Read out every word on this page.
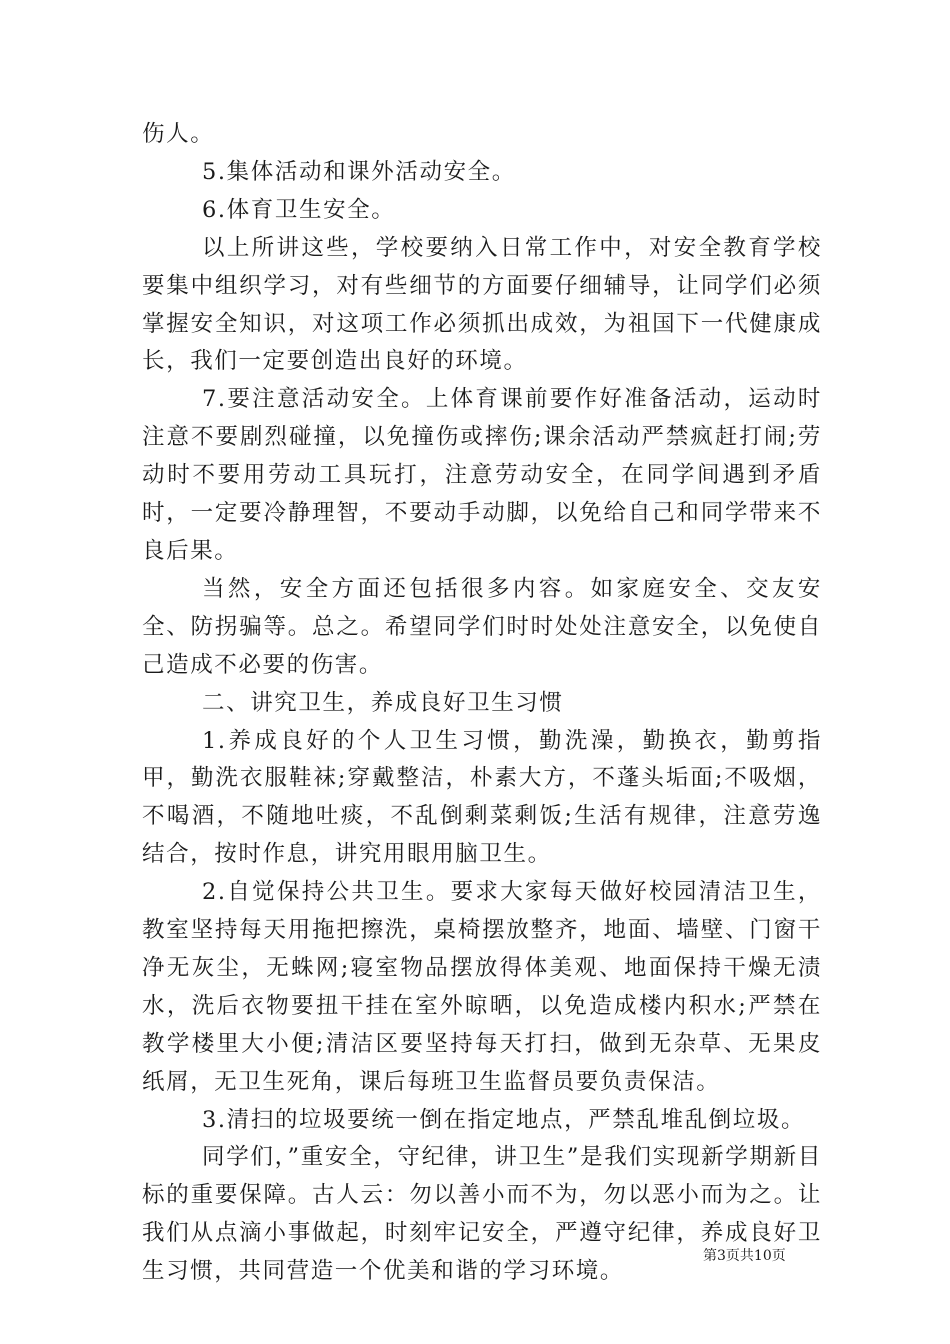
伤人。

5.集体活动和课外活动安全。

6.体育卫生安全。

以上所讲这些，学校要纳入日常工作中，对安全教育学校要集中组织学习，对有些细节的方面要仔细辅导，让同学们必须掌握安全知识，对这项工作必须抓出成效，为祖国下一代健康成长，我们一定要创造出良好的环境。

7.要注意活动安全。上体育课前要作好准备活动，运动时注意不要剧烈碰撞，以免撞伤或摔伤;课余活动严禁疯赶打闹;劳动时不要用劳动工具玩打，注意劳动安全，在同学间遇到矛盾时，一定要冷静理智，不要动手动脚，以免给自己和同学带来不良后果。

当然，安全方面还包括很多内容。如家庭安全、交友安全、防拐骗等。总之。希望同学们时时处处注意安全，以免使自己造成不必要的伤害。

二、讲究卫生，养成良好卫生习惯

1.养成良好的个人卫生习惯，勤洗澡，勤换衣，勤剪指甲，勤洗衣服鞋袜;穿戴整洁，朴素大方，不蓬头垢面;不吸烟，不喝酒，不随地吐痰，不乱倒剩菜剩饭;生活有规律，注意劳逸结合，按时作息，讲究用眼用脑卫生。

2.自觉保持公共卫生。要求大家每天做好校园清洁卫生，教室坚持每天用拖把擦洗，桌椅摆放整齐，地面、墙壁、门窗干净无灰尘，无蛛网;寝室物品摆放得体美观、地面保持干燥无渍水，洗后衣物要扭干挂在室外晾晒，以免造成楼内积水;严禁在教学楼里大小便;清洁区要坚持每天打扫，做到无杂草、无果皮纸屑，无卫生死角，课后每班卫生监督员要负责保洁。

3.清扫的垃圾要统一倒在指定地点，严禁乱堆乱倒垃圾。

同学们，”重安全，守纪律，讲卫生”是我们实现新学期新目标的重要保障。古人云：勿以善小而不为，勿以恶小而为之。让我们从点滴小事做起，时刻牢记安全，严遵守纪律，养成良好卫生习惯，共同营造一个优美和谐的学习环境。

第3页共10页
